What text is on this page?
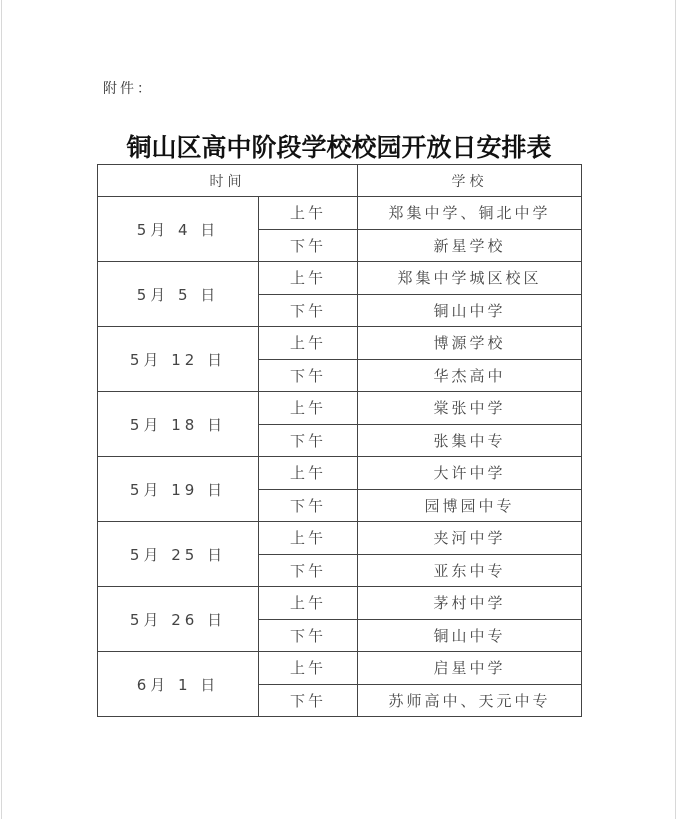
附件：
铜山区高中阶段学校校园开放日安排表
时间		学校
5月 4 日	上午	郑集中学、铜北中学
	下午	新星学校
5月 5 日	上午	郑集中学城区校区
	下午	铜山中学
5月 12 日	上午	博源学校
	下午	华杰高中
5月 18 日	上午	棠张中学
	下午	张集中专
5月 19 日	上午	大许中学
	下午	园博园中专
5月 25 日	上午	夹河中学
	下午	亚东中专
5月 26 日	上午	茅村中学
	下午	铜山中专
6月 1 日	上午	启星中学
	下午	苏师高中、天元中专
